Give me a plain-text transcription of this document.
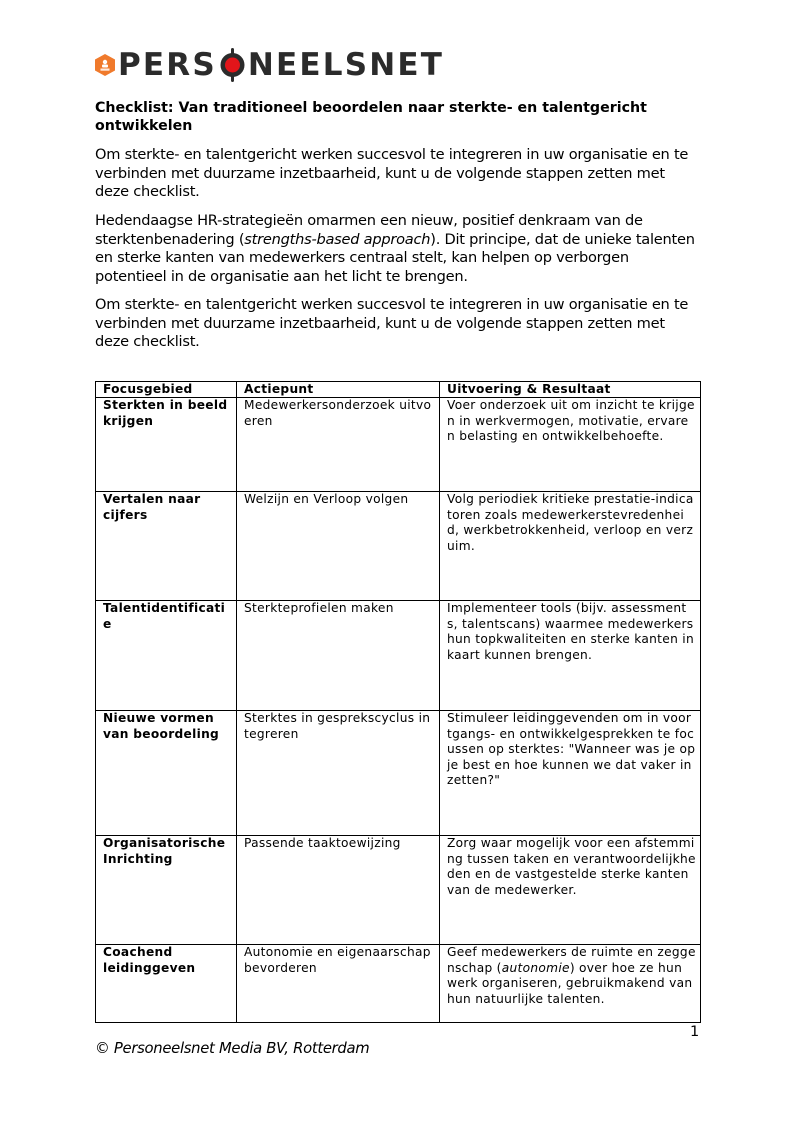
PERS NEELSNET
Checklist: Van traditioneel beoordelen naar sterkte- en talentgericht ontwikkelen

Om sterkte- en talentgericht werken succesvol te integreren in uw organisatie en te verbinden met duurzame inzetbaarheid, kunt u de volgende stappen zetten met deze checklist.

Hedendaagse HR-strategieën omarmen een nieuw, positief denkraam van de sterktenbenadering (strengths-based approach). Dit principe, dat de unieke talenten en sterke kanten van medewerkers centraal stelt, kan helpen op verborgen potentieel in de organisatie aan het licht te brengen.

Om sterkte- en talentgericht werken succesvol te integreren in uw organisatie en te verbinden met duurzame inzetbaarheid, kunt u de volgende stappen zetten met deze checklist.

Focusgebied	Actiepunt	Uitvoering & Resultaat
Sterkten in beeld krijgen	Medewerkersonderzoek uitvoeren	Voer onderzoek uit om inzicht te krijgen in werkvermogen, motivatie, ervaren belasting en ontwikkelbehoefte.
Vertalen naar cijfers	Welzijn en Verloop volgen	Volg periodiek kritieke prestatie-indicatoren zoals medewerkerstevredenheid, werkbetrokkenheid, verloop en verzuim.
Talentidentificatie	Sterkteprofielen maken	Implementeer tools (bijv. assessments, talentscans) waarmee medewerkers hun topkwaliteiten en sterke kanten in kaart kunnen brengen.
Nieuwe vormen van beoordeling	Sterktes in gesprekscyclus integreren	Stimuleer leidinggevenden om in voortgangs- en ontwikkelgesprekken te focussen op sterktes: "Wanneer was je op je best en hoe kunnen we dat vaker inzetten?"
Organisatorische Inrichting	Passende taaktoewijzing	Zorg waar mogelijk voor een afstemming tussen taken en verantwoordelijkheden en de vastgestelde sterke kanten van de medewerker.
Coachend leidinggeven	Autonomie en eigenaarschap bevorderen	Geef medewerkers de ruimte en zeggenschap (autonomie) over hoe ze hun werk organiseren, gebruikmakend van hun natuurlijke talenten.
1
© Personeelsnet Media BV, Rotterdam
